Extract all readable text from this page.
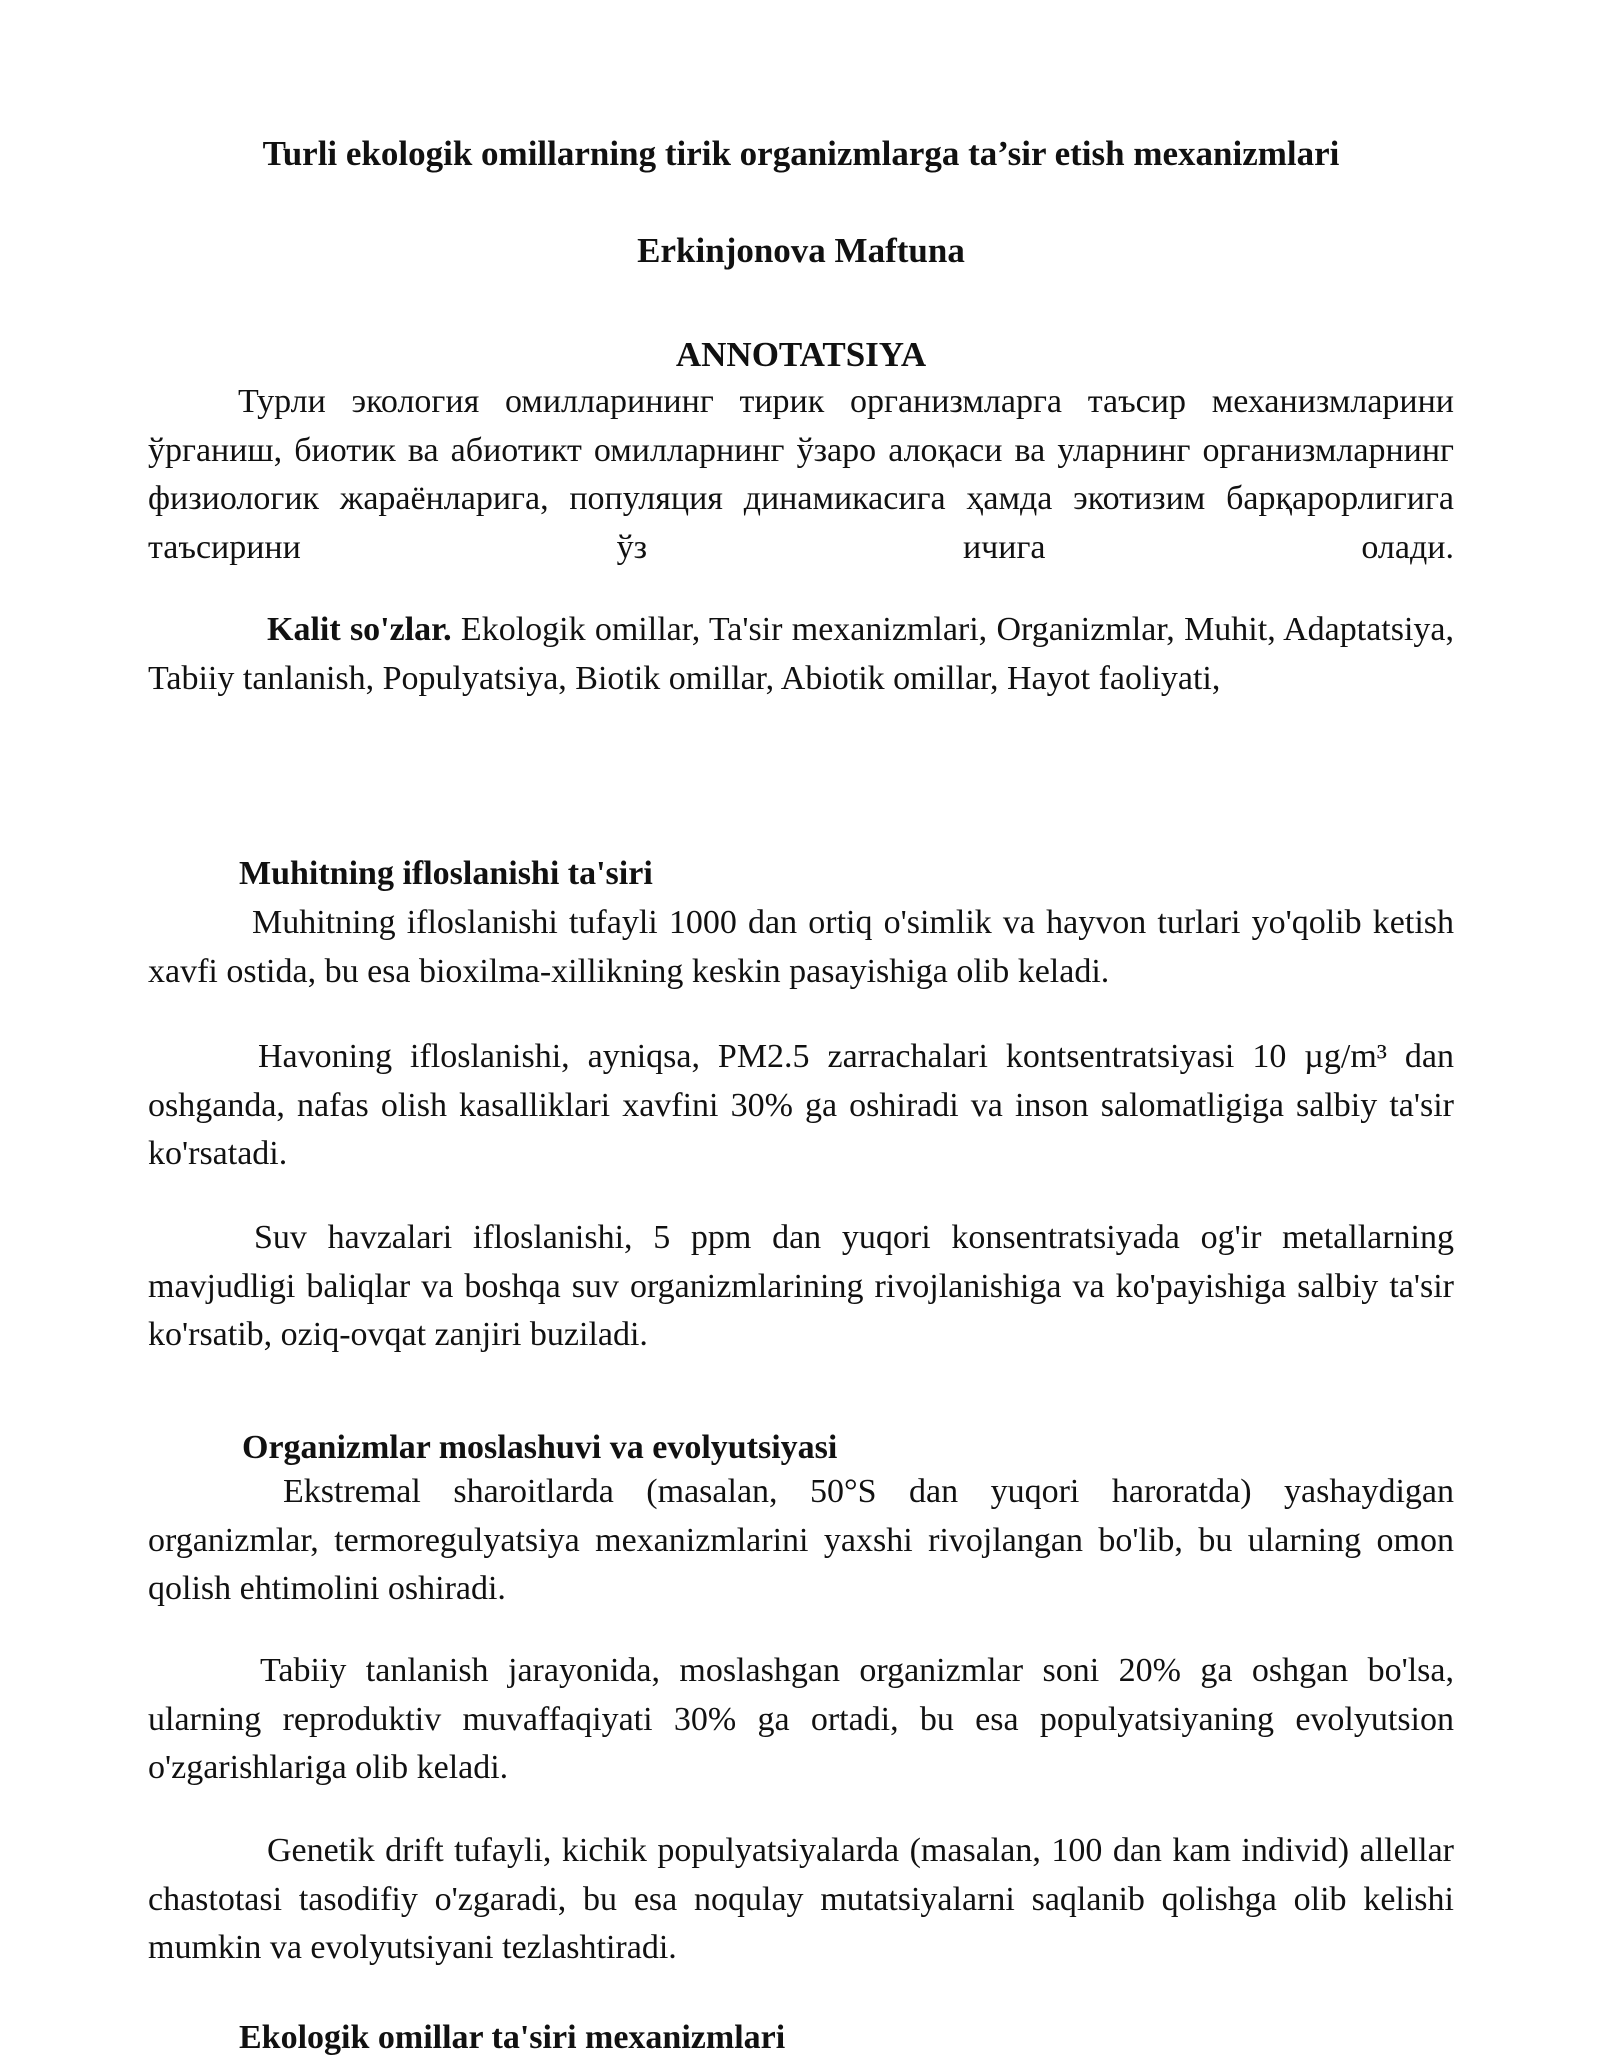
Turli ekologik omillarning tirik organizmlarga ta’sir etish mexanizmlari
Erkinjonova Maftuna
ANNOTATSIYA

Турли экология омилларининг тирик организмларга таъсир механизмларини ўрганиш, биотик ва абиотикт омилларнинг ўзаро алоқаси ва уларнинг организмларнинг физиологик жараёнларига, популяция динамикасига ҳамда экотизим барқарорлигига таъсирини ўз ичига олади.

Kalit so'zlar. Ekologik omillar, Ta'sir mexanizmlari, Organizmlar, Muhit, Adaptatsiya, Tabiiy tanlanish, Populyatsiya, Biotik omillar, Abiotik omillar, Hayot faoliyati,

Muhitning ifloslanishi ta'siri

Muhitning ifloslanishi tufayli 1000 dan ortiq o'simlik va hayvon turlari yo'qolib ketish xavfi ostida, bu esa bioxilma-xillikning keskin pasayishiga olib keladi.

Havoning ifloslanishi, ayniqsa, PM2.5 zarrachalari kontsentratsiyasi 10 µg/m³ dan oshganda, nafas olish kasalliklari xavfini 30% ga oshiradi va inson salomatligiga salbiy ta'sir ko'rsatadi.

Suv havzalari ifloslanishi, 5 ppm dan yuqori konsentratsiyada og'ir metallarning mavjudligi baliqlar va boshqa suv organizmlarining rivojlanishiga va ko'payishiga salbiy ta'sir ko'rsatib, oziq-ovqat zanjiri buziladi.

Organizmlar moslashuvi va evolyutsiyasi

Ekstremal sharoitlarda (masalan, 50°S dan yuqori haroratda) yashaydigan organizmlar, termoregulyatsiya mexanizmlarini yaxshi rivojlangan bo'lib, bu ularning omon qolish ehtimolini oshiradi.

Tabiiy tanlanish jarayonida, moslashgan organizmlar soni 20% ga oshgan bo'lsa, ularning reproduktiv muvaffaqiyati 30% ga ortadi, bu esa populyatsiyaning evolyutsion o'zgarishlariga olib keladi.

Genetik drift tufayli, kichik populyatsiyalarda (masalan, 100 dan kam individ) allellar chastotasi tasodifiy o'zgaradi, bu esa noqulay mutatsiyalarni saqlanib qolishga olib kelishi mumkin va evolyutsiyani tezlashtiradi.

Ekologik omillar ta'siri mexanizmlari
